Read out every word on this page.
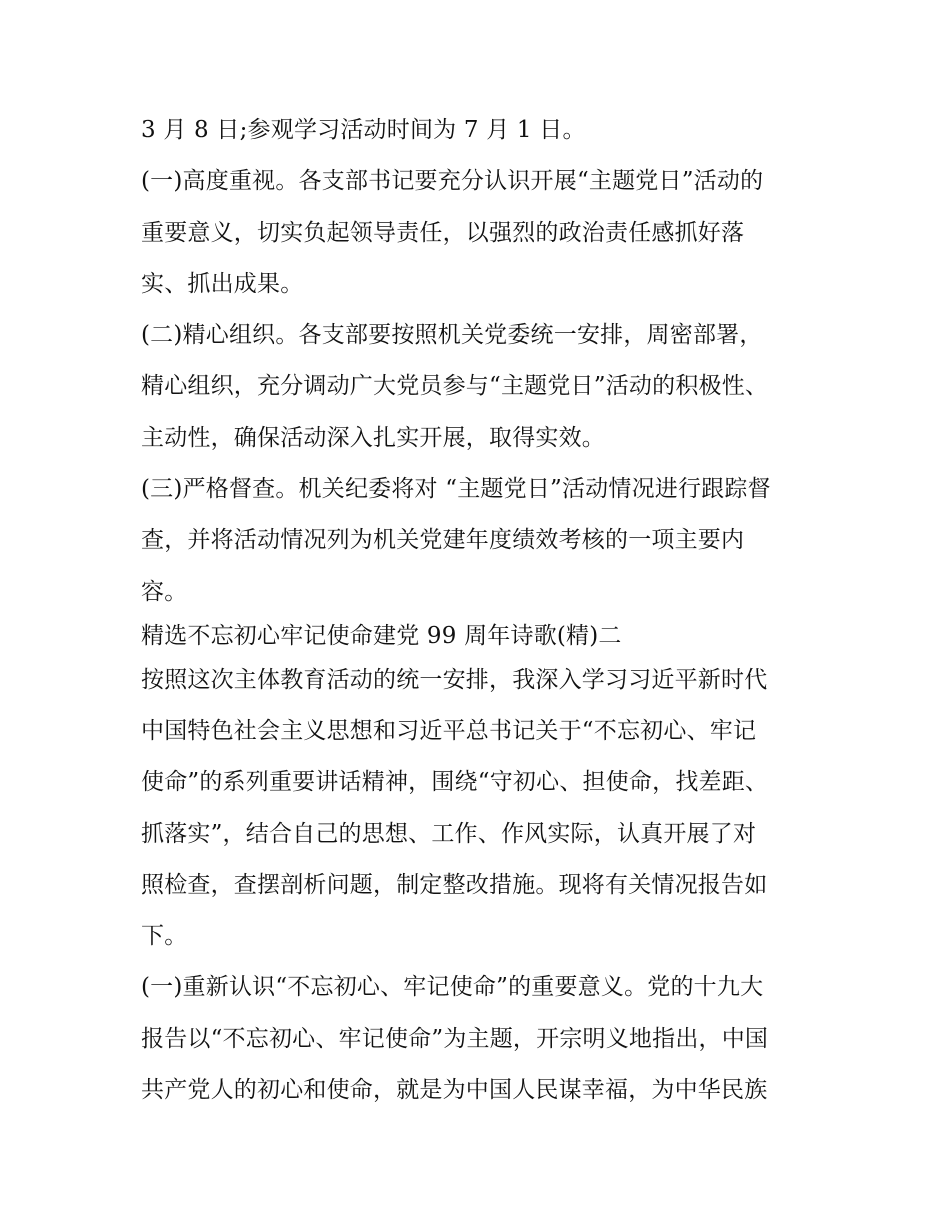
3 月 8 日;参观学习活动时间为 7 月 1 日。

(一)高度重视。各支部书记要充分认识开展“主题党日”活动的

重要意义，切实负起领导责任，以强烈的政治责任感抓好落

实、抓出成果。

(二)精心组织。各支部要按照机关党委统一安排，周密部署，

精心组织，充分调动广大党员参与“主题党日”活动的积极性、

主动性，确保活动深入扎实开展，取得实效。

(三)严格督查。机关纪委将对 “主题党日”活动情况进行跟踪督

查，并将活动情况列为机关党建年度绩效考核的一项主要内

容。

精选不忘初心牢记使命建党 99 周年诗歌(精)二

按照这次主体教育活动的统一安排，我深入学习习近平新时代

中国特色社会主义思想和习近平总书记关于“不忘初心、牢记

使命”的系列重要讲话精神，围绕“守初心、担使命，找差距、

抓落实”，结合自己的思想、工作、作风实际，认真开展了对

照检查，查摆剖析问题，制定整改措施。现将有关情况报告如

下。

(一)重新认识“不忘初心、牢记使命”的重要意义。党的十九大

报告以“不忘初心、牢记使命”为主题，开宗明义地指出，中国

共产党人的初心和使命，就是为中国人民谋幸福，为中华民族
